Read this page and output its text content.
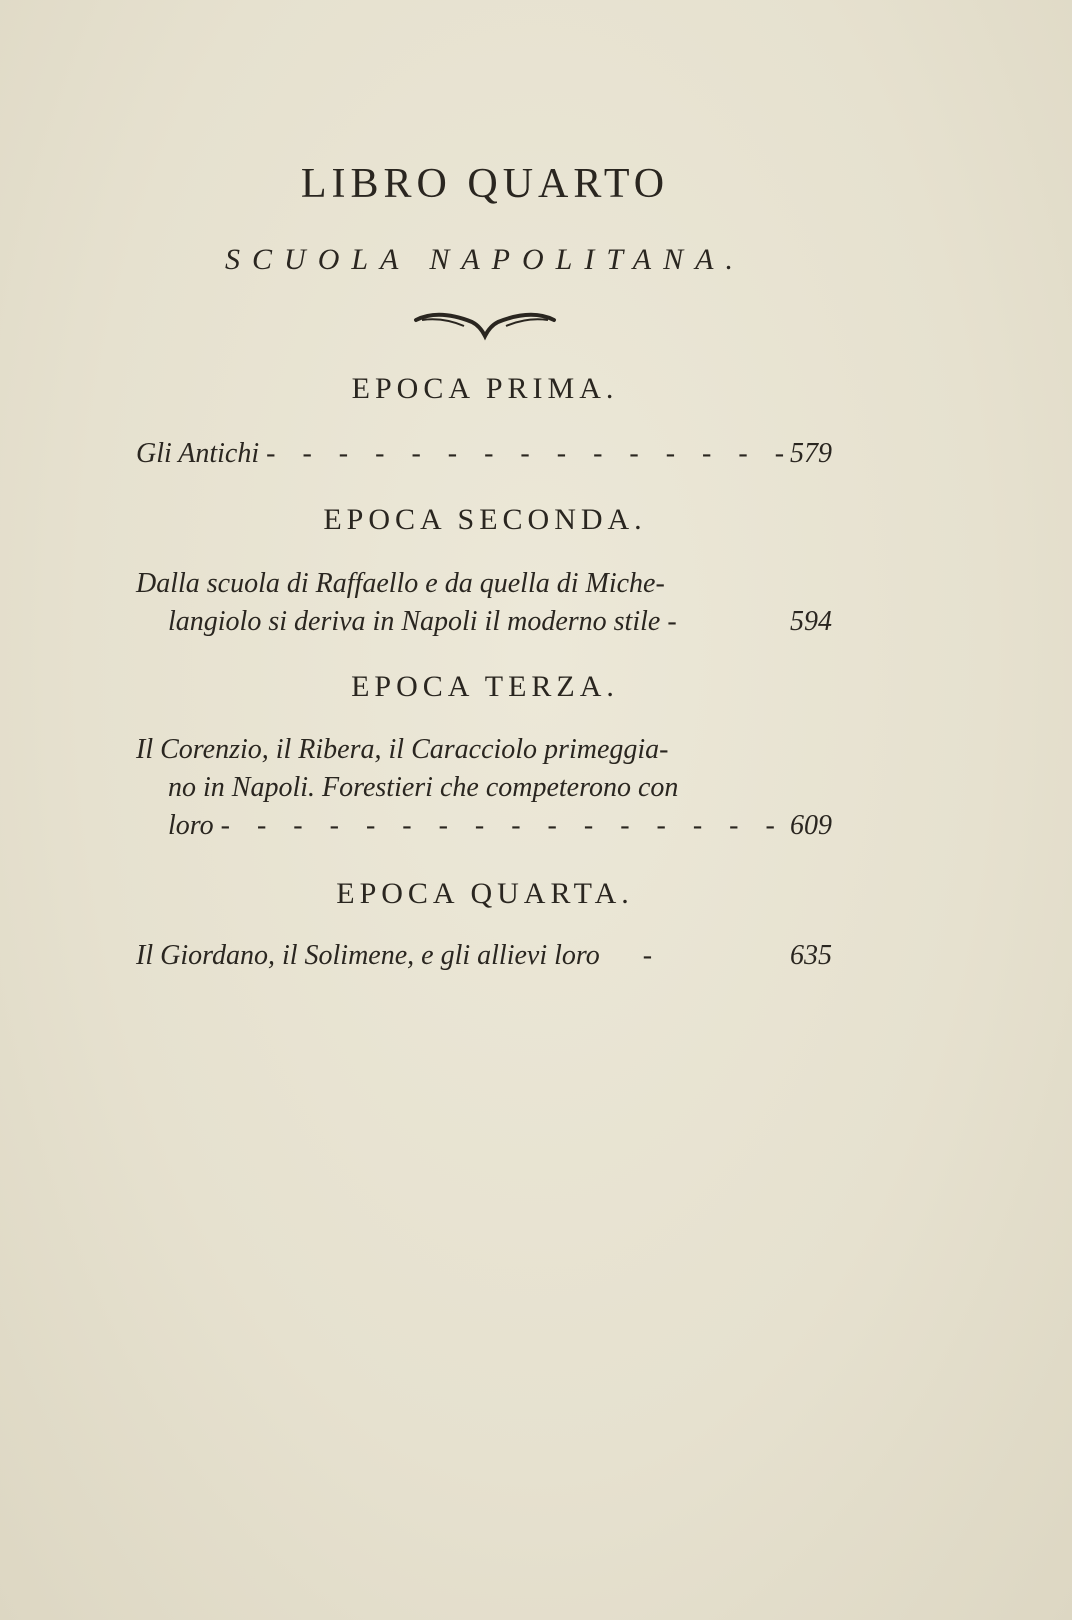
LIBRO QUARTO
SCUOLA NAPOLITANA.
EPOCA PRIMA.
Gli Antichi - - - - - - - - - - - - - - -
579
EPOCA SECONDA.
Dalla scuola di Raffaello e da quella di Miche-
langiolo si deriva in Napoli il moderno stile -	594
EPOCA TERZA.
Il Corenzio, il Ribera, il Caracciolo primeggia-
no in Napoli. Forestieri che competerono con
loro - - - - - - - - - - - - - - - - 609
EPOCA QUARTA.
Il Giordano, il Solimene, e gli allievi loro -	635
